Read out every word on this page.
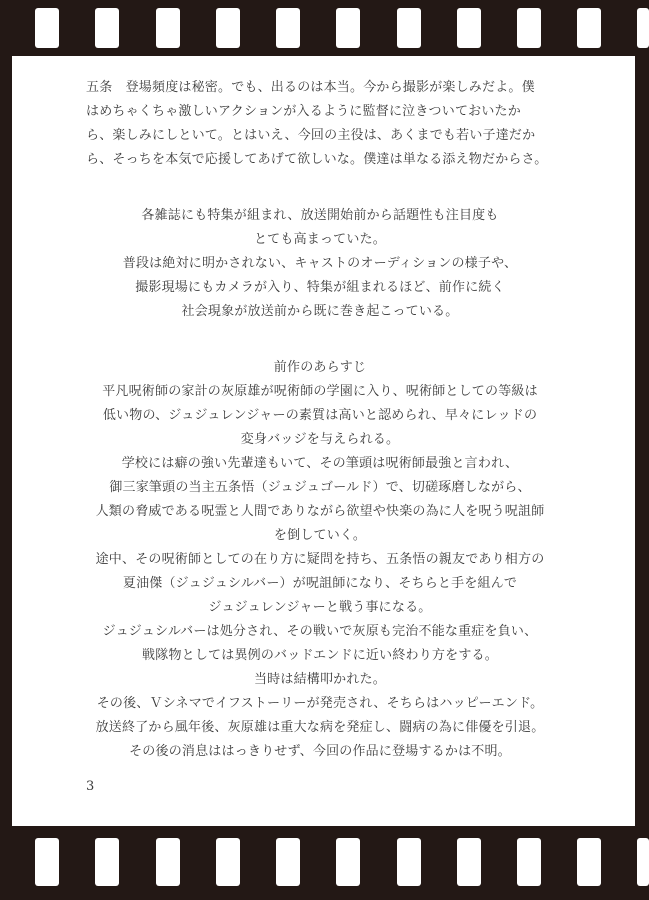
五条　登場頻度は秘密。でも、出るのは本当。今から撮影が楽しみだよ。僕

はめちゃくちゃ激しいアクションが入るように監督に泣きついておいたか

ら、楽しみにしといて。とはいえ、今回の主役は、あくまでも若い子達だか

ら、そっちを本気で応援してあげて欲しいな。僕達は単なる添え物だからさ。

各雑誌にも特集が組まれ、放送開始前から話題性も注目度も

とても高まっていた。

普段は絶対に明かされない、キャストのオーディションの様子や、

撮影現場にもカメラが入り、特集が組まれるほど、前作に続く

社会現象が放送前から既に巻き起こっている。

前作のあらすじ

平凡呪術師の家計の灰原雄が呪術師の学園に入り、呪術師としての等級は

低い物の、ジュジュレンジャーの素質は高いと認められ、早々にレッドの

変身バッジを与えられる。

学校には癖の強い先輩達もいて、その筆頭は呪術師最強と言われ、

御三家筆頭の当主五条悟（ジュジュゴールド）で、切磋琢磨しながら、

人類の脅威である呪霊と人間でありながら欲望や快楽の為に人を呪う呪詛師

を倒していく。

途中、その呪術師としての在り方に疑問を持ち、五条悟の親友であり相方の

夏油傑（ジュジュシルバー）が呪詛師になり、そちらと手を組んで

ジュジュレンジャーと戦う事になる。

ジュジュシルバーは処分され、その戦いで灰原も完治不能な重症を負い、

戦隊物としては異例のバッドエンドに近い終わり方をする。

当時は結構叩かれた。

その後、Ｖシネマでイフストーリーが発売され、そちらはハッピーエンド。

放送終了から風年後、灰原雄は重大な病を発症し、闘病の為に俳優を引退。

その後の消息ははっきりせず、今回の作品に登場するかは不明。

3
